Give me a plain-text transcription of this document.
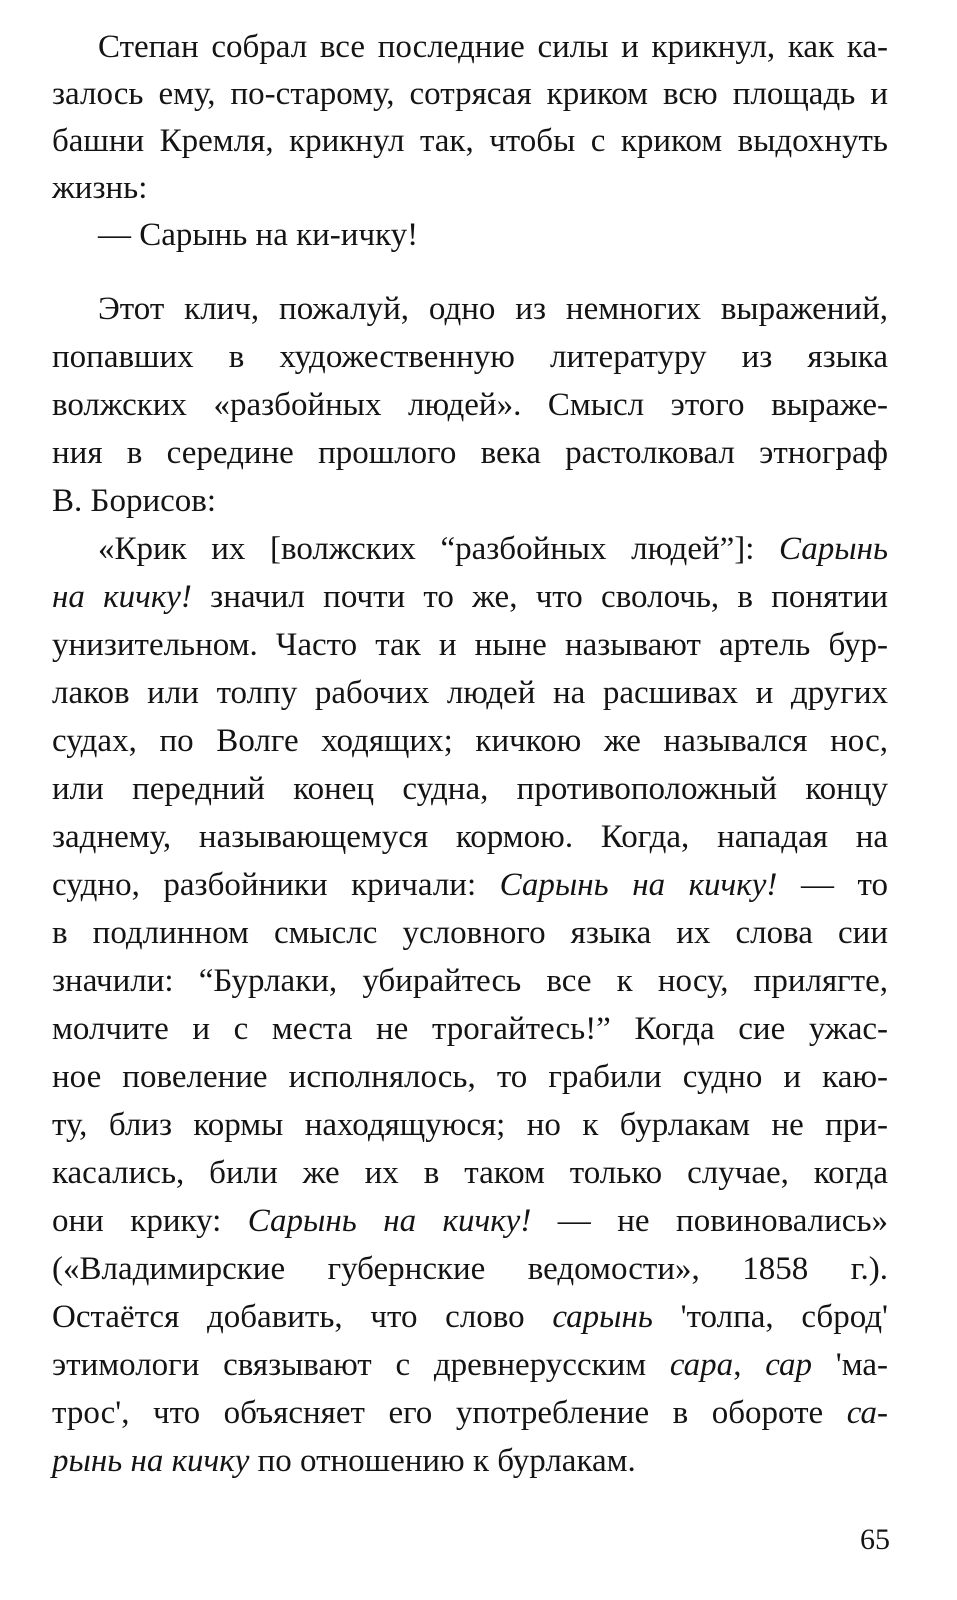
Степан собрал все последние силы и крикнул, как ка-
залось ему, по-старому, сотрясая криком всю площадь и
башни Кремля, крикнул так, чтобы с криком выдохнуть
жизнь:
— Сарынь на ки-ичку!
Этот клич, пожалуй, одно из немногих выражений,
попавших в художественную литературу из языка
волжских «разбойных людей». Смысл этого выраже-
ния в середине прошлого века растолковал этнограф
В. Борисов:
«Крик их [волжских “разбойных людей”]: Сарынь
на кичку! значил почти то же, что сволочь, в понятии
унизительном. Часто так и ныне называют артель бур-
лаков или толпу рабочих людей на расшивах и других
судах, по Волге ходящих; кичкою же назывался нос,
или передний конец судна, противоположный концу
заднему, называющемуся кормою. Когда, нападая на
судно, разбойники кричали: Сарынь на кичку! — то
в подлинном смыслс условного языка их слова сии
значили: “Бурлаки, убирайтесь все к носу, прилягте,
молчите и с места не трогайтесь!” Когда сие ужас-
ное повеление исполнялось, то грабили судно и каю-
ту, близ кормы находящуюся; но к бурлакам не при-
касались, били же их в таком только случае, когда
они крику: Сарынь на кичку! — не повиновались»
(«Владимирские губернские ведомости», 1858 г.).
Остаётся добавить, что слово сарынь 'толпа, сброд'
этимологи связывают с древнерусским сара, сар 'ма-
трос', что объясняет его употребление в обороте са-
рынь на кичку по отношению к бурлакам.
65
